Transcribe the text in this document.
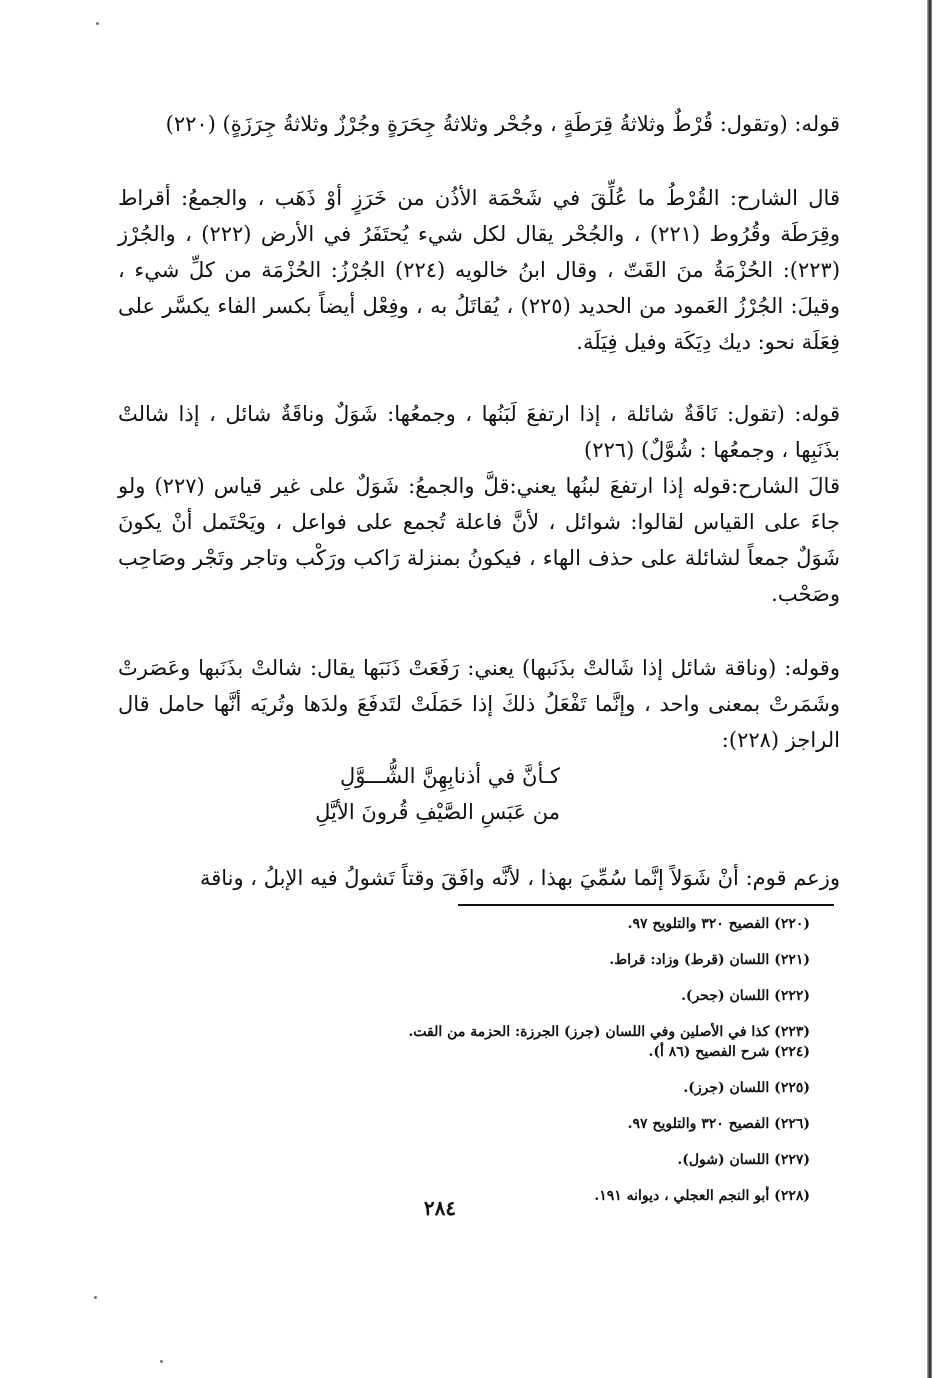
قوله: (وتقول: قُرْطٌ وثلاثةُ قِرَطَةٍ ، وجُحْر وثلاثةُ جِحَرَةٍ وجُرْزٌ وثلاثةُ جِرَزَةٍ) (٢٢٠)

قال الشارح: القُرْطُ ما عُلِّقَ في شَحْمَة الأذُن من خَرَزٍ أوْ ذَهَب ، والجمعُ: أقراط وقِرَطَة وقُرُوط (٢٢١) ، والجُحْر يقال لكل شيء يُحتَفَرُ في الأرض (٢٢٢) ، والجُرْز (٢٢٣): الحُزْمَةُ منَ القَتّ ، وقال ابنُ خالويه (٢٢٤) الجُرْزُ: الحُزْمَة من كلِّ شيء ، وقيلَ: الجُرْزُ العَمود من الحديد (٢٢٥) ، يُقاتَلُ به ، وفِعْل أيضاً بكسر الفاء يكسَّر على فِعَلَة نحو: ديك دِيَكَة وفيل فِيَلَة.

قوله: (تقول: نَاقَةٌ شائلة ، إذا ارتفعَ لَبَنُها ، وجمعُها: شَوَلٌ وناقَةٌ شائل ، إذا شالتْ بذَنَبِها ، وجمعُها : شُوَّلٌ) (٢٢٦)

قالَ الشارح:قوله إذا ارتفعَ لبنُها يعني:قلَّ والجمعُ: شَوَلٌ على غير قياس (٢٢٧) ولو جاءَ على القياس لقالوا: شوائل ، لأنَّ فاعلة تُجمع على فواعل ، ويَحْتَمل أنْ يكونَ شَوَلٌ جمعاً لشائلة على حذف الهاء ، فيكونُ بمنزلة رَاكب ورَكْب وتاجر وتَجْر وصَاحِب وصَحْب.

وقوله: (وناقة شائل إذا شَالتْ بذَنَبها) يعني: رَفَعَتْ ذَنَبَها يقال: شالتْ بذَنَبها وعَصَرتْ وشَمَرتْ بمعنى واحد ، وإنَّما تَفْعَلُ ذلكَ إذا حَمَلَتْ لتَدفَعَ ولدَها وتُريَه أنَّها حامل قال الراجز (٢٢٨):

كـأنَّ في أذنابِهِنَّ الشُّـــوَّلِ
من عَبَسِ الصَّيْفِ قُرونَ الأيَّلِ

وزعم قوم: أنْ شَوَلاً إنَّما سُمِّيَ بهذا ، لأنَّه وافَقَ وقتاً تَشولُ فيه الإبلُ ، وناقة

(٢٢٠) الفصيح ٣٢٠ والتلويح ٩٧.
(٢٢١) اللسان (قرط) وزاد: قراط.
(٢٢٢) اللسان (جحر).
(٢٢٣) كذا في الأصلين وفي اللسان (جرز) الجرزة: الحزمة من القت.
(٢٢٤) شرح الفصيح (٨٦ أ).
(٢٢٥) اللسان (جرز).
(٢٢٦) الفصيح ٣٢٠ والتلويح ٩٧.
(٢٢٧) اللسان (شول).
(٢٢٨) أبو النجم العجلي ، ديوانه ١٩١.
٢٨٤
